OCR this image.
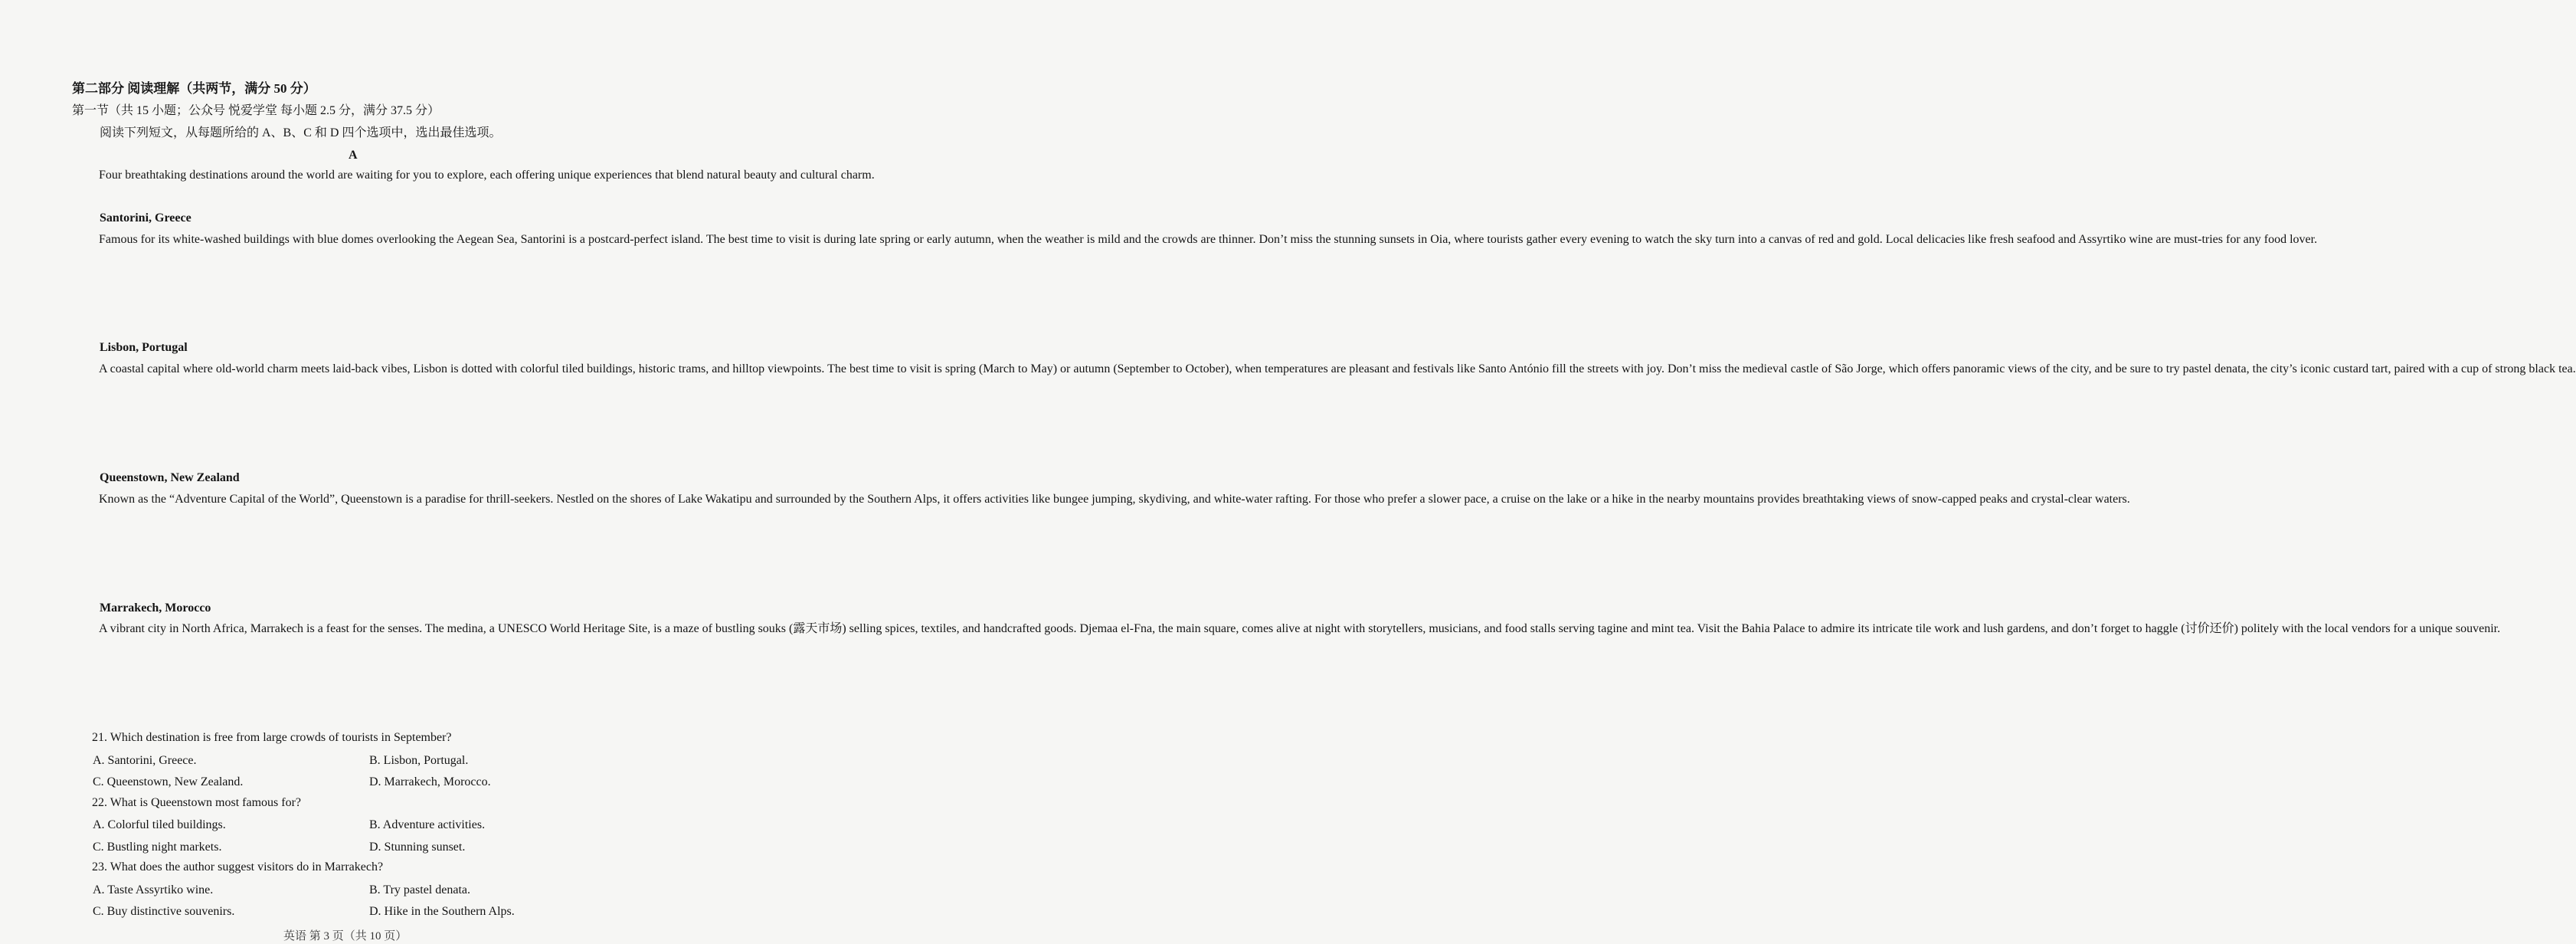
第二部分 阅读理解（共两节，满分 50 分）
第一节（共 15 小题；公众号 悦爱学堂 每小题 2.5 分，满分 37.5 分）
阅读下列短文，从每题所给的 A、B、C 和 D 四个选项中，选出最佳选项。
A
Four breathtaking destinations around the world are waiting for you to explore, each offering unique experiences that blend natural beauty and cultural charm.
Santorini, Greece
Famous for its white-washed buildings with blue domes overlooking the Aegean Sea, Santorini is a postcard-perfect island. The best time to visit is during late spring or early autumn, when the weather is mild and the crowds are thinner. Don’t miss the stunning sunsets in Oia, where tourists gather every evening to watch the sky turn into a canvas of red and gold. Local delicacies like fresh seafood and Assyrtiko wine are must-tries for any food lover.
Lisbon, Portugal
A coastal capital where old-world charm meets laid-back vibes, Lisbon is dotted with colorful tiled buildings, historic trams, and hilltop viewpoints. The best time to visit is spring (March to May) or autumn (September to October), when temperatures are pleasant and festivals like Santo António fill the streets with joy. Don’t miss the medieval castle of São Jorge, which offers panoramic views of the city, and be sure to try pastel denata, the city’s iconic custard tart, paired with a cup of strong black tea.
Queenstown, New Zealand
Known as the “Adventure Capital of the World”, Queenstown is a paradise for thrill-seekers. Nestled on the shores of Lake Wakatipu and surrounded by the Southern Alps, it offers activities like bungee jumping, skydiving, and white-water rafting. For those who prefer a slower pace, a cruise on the lake or a hike in the nearby mountains provides breathtaking views of snow-capped peaks and crystal-clear waters.
Marrakech, Morocco
A vibrant city in North Africa, Marrakech is a feast for the senses. The medina, a UNESCO World Heritage Site, is a maze of bustling souks (露天市场) selling spices, textiles, and handcrafted goods. Djemaa el-Fna, the main square, comes alive at night with storytellers, musicians, and food stalls serving tagine and mint tea. Visit the Bahia Palace to admire its intricate tile work and lush gardens, and don’t forget to haggle (讨价还价) politely with the local vendors for a unique souvenir.
21. Which destination is free from large crowds of tourists in September?
A. Santorini, Greece.	B. Lisbon, Portugal.
C. Queenstown, New Zealand.	D. Marrakech, Morocco.
22. What is Queenstown most famous for?
A. Colorful tiled buildings.	B. Adventure activities.
C. Bustling night markets.	D. Stunning sunset.
23. What does the author suggest visitors do in Marrakech?
A. Taste Assyrtiko wine.	B. Try pastel denata.
C. Buy distinctive souvenirs.	D. Hike in the Southern Alps.
英语 第 3 页（共 10 页）
